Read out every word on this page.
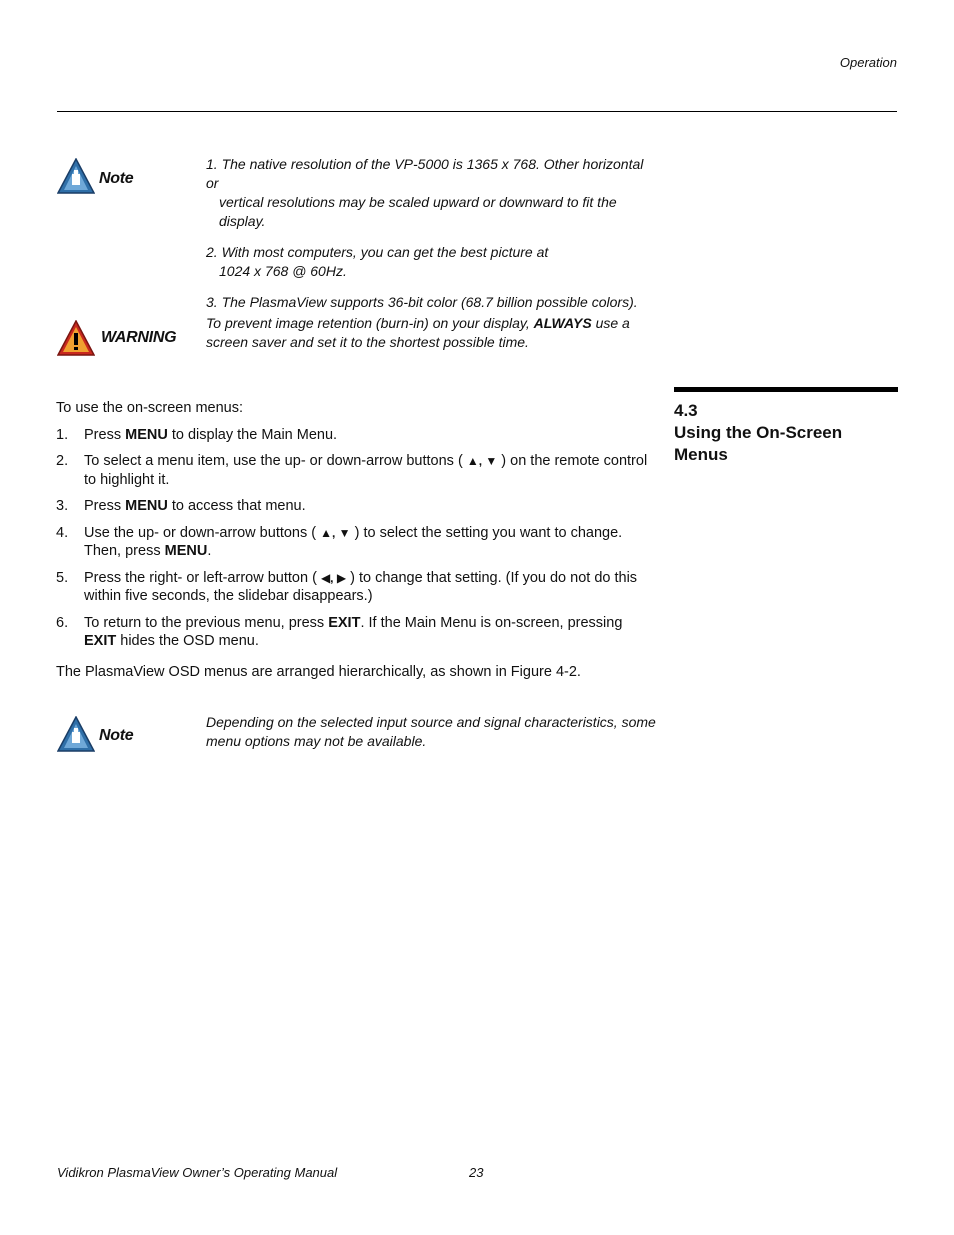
Operation
Note

1. The native resolution of the VP-5000 is 1365 x 768. Other horizontal or
vertical resolutions may be scaled upward or downward to fit the display.

2. With most computers, you can get the best picture at
1024 x 768 @ 60Hz.

3. The PlasmaView supports 36-bit color (68.7 billion possible colors).

WARNING
To prevent image retention (burn-in) on your display, ALWAYS use a screen saver and set it to the shortest possible time.
4.3
Using the On-Screen Menus

To use the on-screen menus:

1. Press MENU to display the Main Menu.
2. To select a menu item, use the up- or down-arrow buttons ( ▲, ▼ ) on the remote control to highlight it.
3. Press MENU to access that menu.
4. Use the up- or down-arrow buttons ( ▲, ▼ ) to select the setting you want to change. Then, press MENU.
5. Press the right- or left-arrow button ( ◀, ▶ ) to change that setting. (If you do not do this within five seconds, the slidebar disappears.)
6. To return to the previous menu, press EXIT. If the Main Menu is on-screen, pressing EXIT hides the OSD menu.

The PlasmaView OSD menus are arranged hierarchically, as shown in Figure 4-2.

Note
Depending on the selected input source and signal characteristics, some menu options may not be available.
Vidikron PlasmaView Owner’s Operating Manual	23
